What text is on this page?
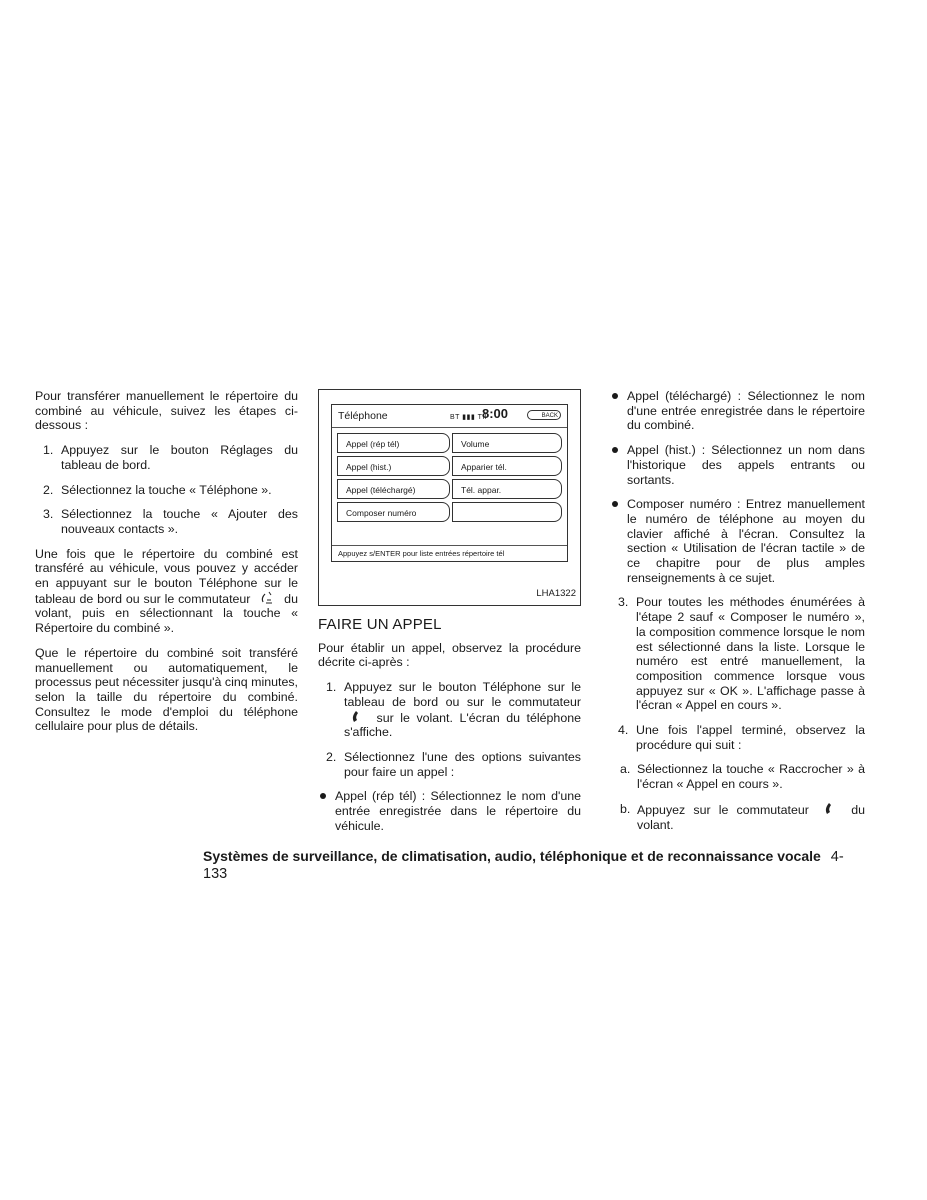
Pour transférer manuellement le répertoire du combiné au véhicule, suivez les étapes ci-dessous :

1. Appuyez sur le bouton Réglages du tableau de bord.
2. Sélectionnez la touche « Téléphone ».
3. Sélectionnez la touche « Ajouter des nouveaux contacts ».

Une fois que le répertoire du combiné est transféré au véhicule, vous pouvez y accéder en appuyant sur le bouton Téléphone sur le tableau de bord ou sur le commutateur	du volant, puis en sélectionnant la touche « Répertoire du combiné ».

Que le répertoire du combiné soit transféré manuellement ou automatiquement, le processus peut nécessiter jusqu'à cinq minutes, selon la taille du répertoire du combiné. Consultez le mode d'emploi du téléphone cellulaire pour plus de détails.

Téléphone	BT ▮▮▮ Tıl
8:00	BACK
Appel (rép tél)
Appel (hist.)
Appel (téléchargé)
Composer numéro
Volume
Apparier tél.
Tél. appar.
Appuyez s/ENTER pour liste entrées répertoire tél
LHA1322
FAIRE UN APPEL

Pour établir un appel, observez la procédure décrite ci-après :

1. Appuyez sur le bouton Téléphone sur le tableau de bord ou sur le commutateur  sur le volant. L'écran du téléphone s'affiche.
2. Sélectionnez l'une des options suivantes pour faire un appel :
Appel (rép tél) : Sélectionnez le nom d'une entrée enregistrée dans le répertoire du véhicule.
Appel (téléchargé) : Sélectionnez le nom d'une entrée enregistrée dans le répertoire du combiné.
Appel (hist.) : Sélectionnez un nom dans l'historique des appels entrants ou sortants.
Composer numéro : Entrez manuellement le numéro de téléphone au moyen du clavier affiché à l'écran. Consultez la section « Utilisation de l'écran tactile » de ce chapitre pour de plus amples renseignements à ce sujet.
3. Pour toutes les méthodes énumérées à l'étape 2 sauf « Composer le numéro », la composition commence lorsque le nom est sélectionné dans la liste. Lorsque le numéro est entré manuellement, la composition commence lorsque vous appuyez sur « OK ». L'affichage passe à l'écran « Appel en cours ».
4. Une fois l'appel terminé, observez la procédure qui suit :
a. Sélectionnez la touche « Raccrocher » à l'écran « Appel en cours ».
b. Appuyez sur le commutateur	du volant.
Systèmes de surveillance, de climatisation, audio, téléphonique et de reconnaissance vocale 4-133
